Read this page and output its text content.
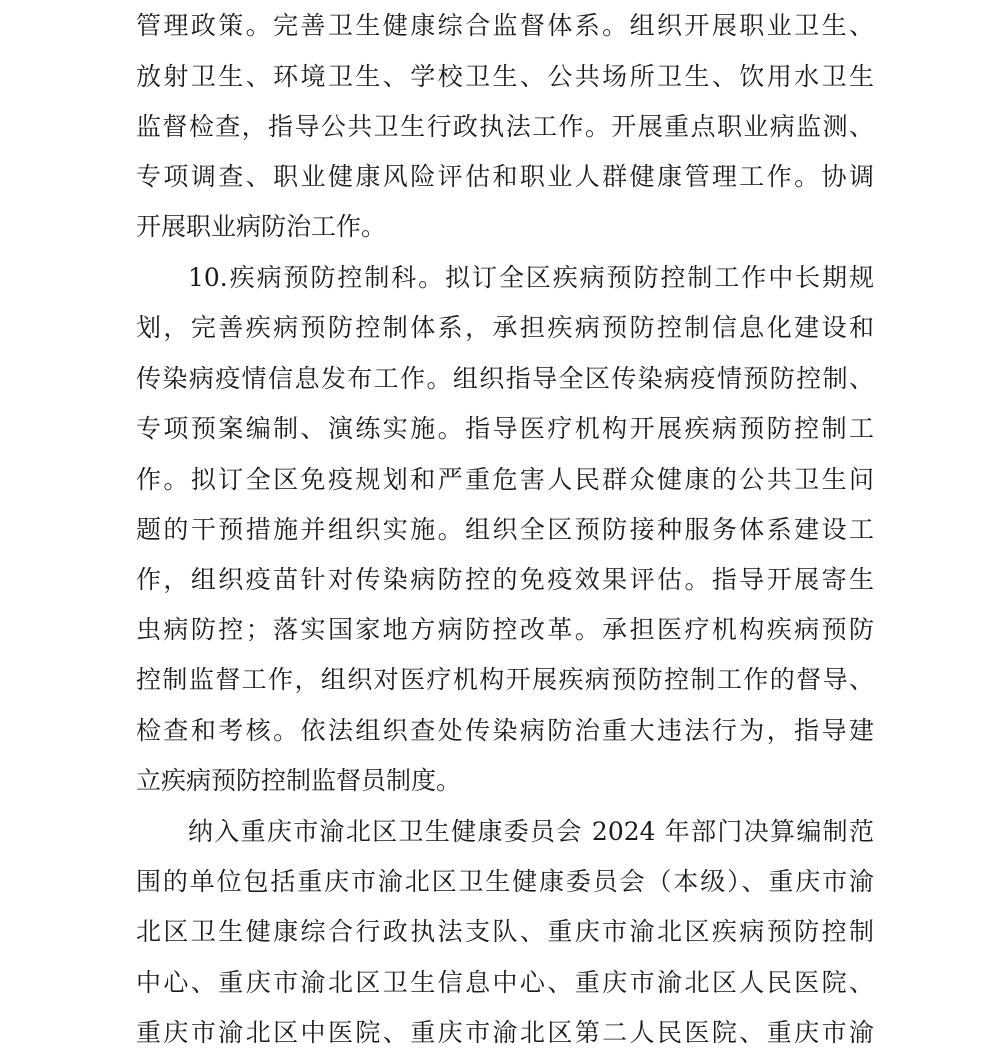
管理政策。完善卫生健康综合监督体系。组织开展职业卫生、
放射卫生、环境卫生、学校卫生、公共场所卫生、饮用水卫生
监督检查，指导公共卫生行政执法工作。开展重点职业病监测、
专项调查、职业健康风险评估和职业人群健康管理工作。协调
开展职业病防治工作。
10.疾病预防控制科。拟订全区疾病预防控制工作中长期规
划，完善疾病预防控制体系，承担疾病预防控制信息化建设和
传染病疫情信息发布工作。组织指导全区传染病疫情预防控制、
专项预案编制、演练实施。指导医疗机构开展疾病预防控制工
作。拟订全区免疫规划和严重危害人民群众健康的公共卫生问
题的干预措施并组织实施。组织全区预防接种服务体系建设工
作，组织疫苗针对传染病防控的免疫效果评估。指导开展寄生
虫病防控；落实国家地方病防控改革。承担医疗机构疾病预防
控制监督工作，组织对医疗机构开展疾病预防控制工作的督导、
检查和考核。依法组织查处传染病防治重大违法行为，指导建
立疾病预防控制监督员制度。
纳入重庆市渝北区卫生健康委员会 2024 年部门决算编制范
围的单位包括重庆市渝北区卫生健康委员会（本级）、重庆市渝
北区卫生健康综合行政执法支队、重庆市渝北区疾病预防控制
中心、重庆市渝北区卫生信息中心、重庆市渝北区人民医院、
重庆市渝北区中医院、重庆市渝北区第二人民医院、重庆市渝
